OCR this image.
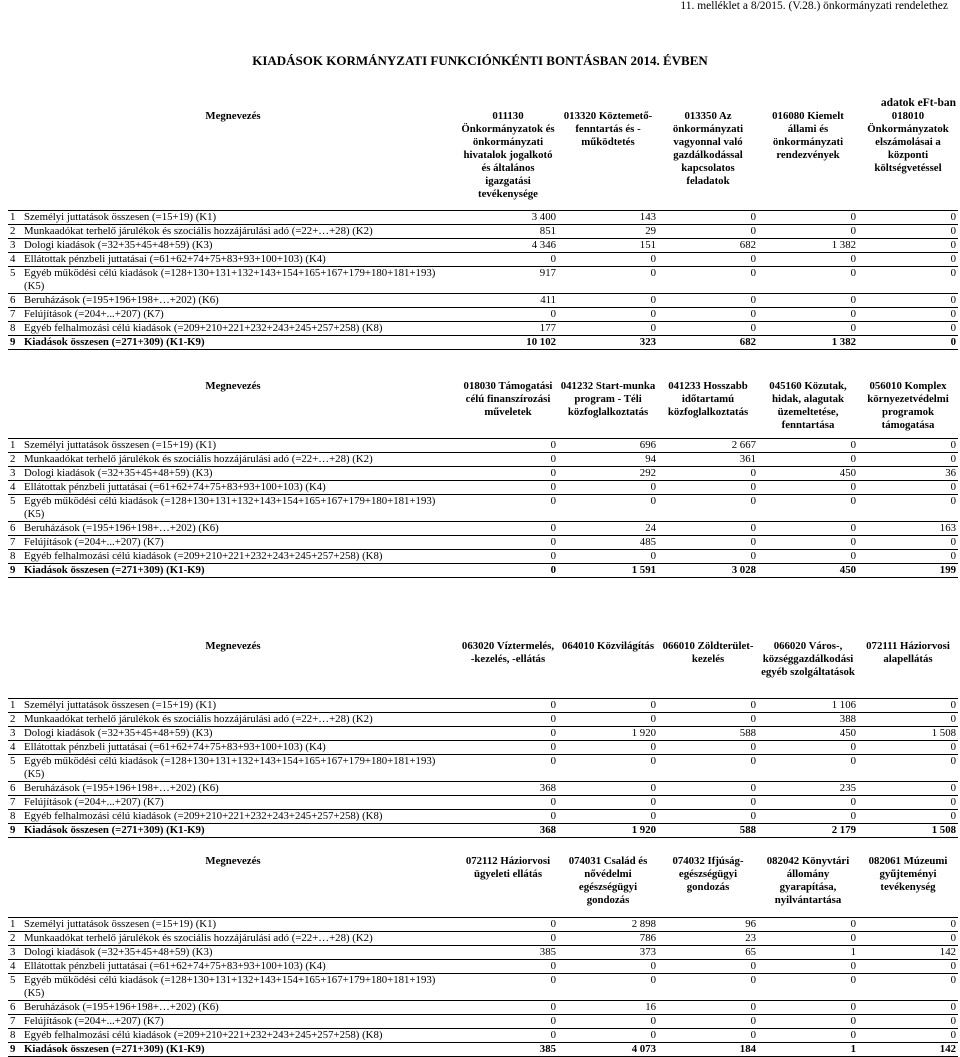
11. melléklet a 8/2015. (V.28.) önkormányzati rendelethez
KIADÁSOK KORMÁNYZATI FUNKCIÓNKÉNTI BONTÁSBAN 2014. ÉVBEN
adatok eFt-ban
Megnevezés		011130 Önkormányzatok és önkormányzati hivatalok jogalkotó és általános igazgatási tevékenysége	013320 Köztemető-fenntartás és -működtetés	013350 Az önkormányzati vagyonnal való gazdálkodással kapcsolatos feladatok	016080 Kiemelt állami és önkormányzati rendezvények	018010 Önkormányzatok elszámolásai a központi költségvetéssel
1	Személyi juttatások összesen (=15+19) (K1)	3 400	143	0	0	0
2	Munkaadókat terhelő járulékok és szociális hozzájárulási adó (=22+…+28) (K2)	851	29	0	0	0
3	Dologi kiadások (=32+35+45+48+59) (K3)	4 346	151	682	1 382	0
4	Ellátottak pénzbeli juttatásai (=61+62+74+75+83+93+100+103) (K4)	0	0	0	0	0
5	Egyéb működési célú kiadások (=128+130+131+132+143+154+165+167+179+180+181+193) (K5)	917	0	0	0	0
6	Beruházások (=195+196+198+…+202) (K6)	411	0	0	0	0
7	Felújítások (=204+...+207) (K7)	0	0	0	0	0
8	Egyéb felhalmozási célú kiadások (=209+210+221+232+243+245+257+258) (K8)	177	0	0	0	0
9	Kiadások összesen (=271+309) (K1-K9)	10 102	323	682	1 382	0
Megnevezés		018030 Támogatási célú finanszírozási műveletek	041232 Start-munka program - Téli közfoglalkoztatás	041233 Hosszabb időtartamú közfoglalkoztatás	045160 Közutak, hidak, alagutak üzemeltetése, fenntartása	056010 Komplex környezetvédelmi programok támogatása
1	Személyi juttatások összesen (=15+19) (K1)	0	696	2 667	0	0
2	Munkaadókat terhelő járulékok és szociális hozzájárulási adó (=22+…+28) (K2)	0	94	361	0	0
3	Dologi kiadások (=32+35+45+48+59) (K3)	0	292	0	450	36
4	Ellátottak pénzbeli juttatásai (=61+62+74+75+83+93+100+103) (K4)	0	0	0	0	0
5	Egyéb működési célú kiadások (=128+130+131+132+143+154+165+167+179+180+181+193) (K5)	0	0	0	0	0
6	Beruházások (=195+196+198+…+202) (K6)	0	24	0	0	163
7	Felújítások (=204+...+207) (K7)	0	485	0	0	0
8	Egyéb felhalmozási célú kiadások (=209+210+221+232+243+245+257+258) (K8)	0	0	0	0	0
9	Kiadások összesen (=271+309) (K1-K9)	0	1 591	3 028	450	199
Megnevezés		063020 Víztermelés, -kezelés, -ellátás	064010 Közvilágítás	066010 Zöldterület-kezelés	066020 Város-, községgazdálkodási egyéb szolgáltatások	072111 Háziorvosi alapellátás
1	Személyi juttatások összesen (=15+19) (K1)	0	0	0	1 106	0
2	Munkaadókat terhelő járulékok és szociális hozzájárulási adó (=22+…+28) (K2)	0	0	0	388	0
3	Dologi kiadások (=32+35+45+48+59) (K3)	0	1 920	588	450	1 508
4	Ellátottak pénzbeli juttatásai (=61+62+74+75+83+93+100+103) (K4)	0	0	0	0	0
5	Egyéb működési célú kiadások (=128+130+131+132+143+154+165+167+179+180+181+193) (K5)	0	0	0	0	0
6	Beruházások (=195+196+198+…+202) (K6)	368	0	0	235	0
7	Felújítások (=204+...+207) (K7)	0	0	0	0	0
8	Egyéb felhalmozási célú kiadások (=209+210+221+232+243+245+257+258) (K8)	0	0	0	0	0
9	Kiadások összesen (=271+309) (K1-K9)	368	1 920	588	2 179	1 508
Megnevezés		072112 Háziorvosi ügyeleti ellátás	074031 Család és nővédelmi egészségügyi gondozás	074032 Ifjúság-egészségügyi gondozás	082042 Könyvtári állomány gyarapítása, nyilvántartása	082061 Múzeumi gyűjteményi tevékenység
1	Személyi juttatások összesen (=15+19) (K1)	0	2 898	96	0	0
2	Munkaadókat terhelő járulékok és szociális hozzájárulási adó (=22+…+28) (K2)	0	786	23	0	0
3	Dologi kiadások (=32+35+45+48+59) (K3)	385	373	65	1	142
4	Ellátottak pénzbeli juttatásai (=61+62+74+75+83+93+100+103) (K4)	0	0	0	0	0
5	Egyéb működési célú kiadások (=128+130+131+132+143+154+165+167+179+180+181+193) (K5)	0	0	0	0	0
6	Beruházások (=195+196+198+…+202) (K6)	0	16	0	0	0
7	Felújítások (=204+...+207) (K7)	0	0	0	0	0
8	Egyéb felhalmozási célú kiadások (=209+210+221+232+243+245+257+258) (K8)	0	0	0	0	0
9	Kiadások összesen (=271+309) (K1-K9)	385	4 073	184	1	142
